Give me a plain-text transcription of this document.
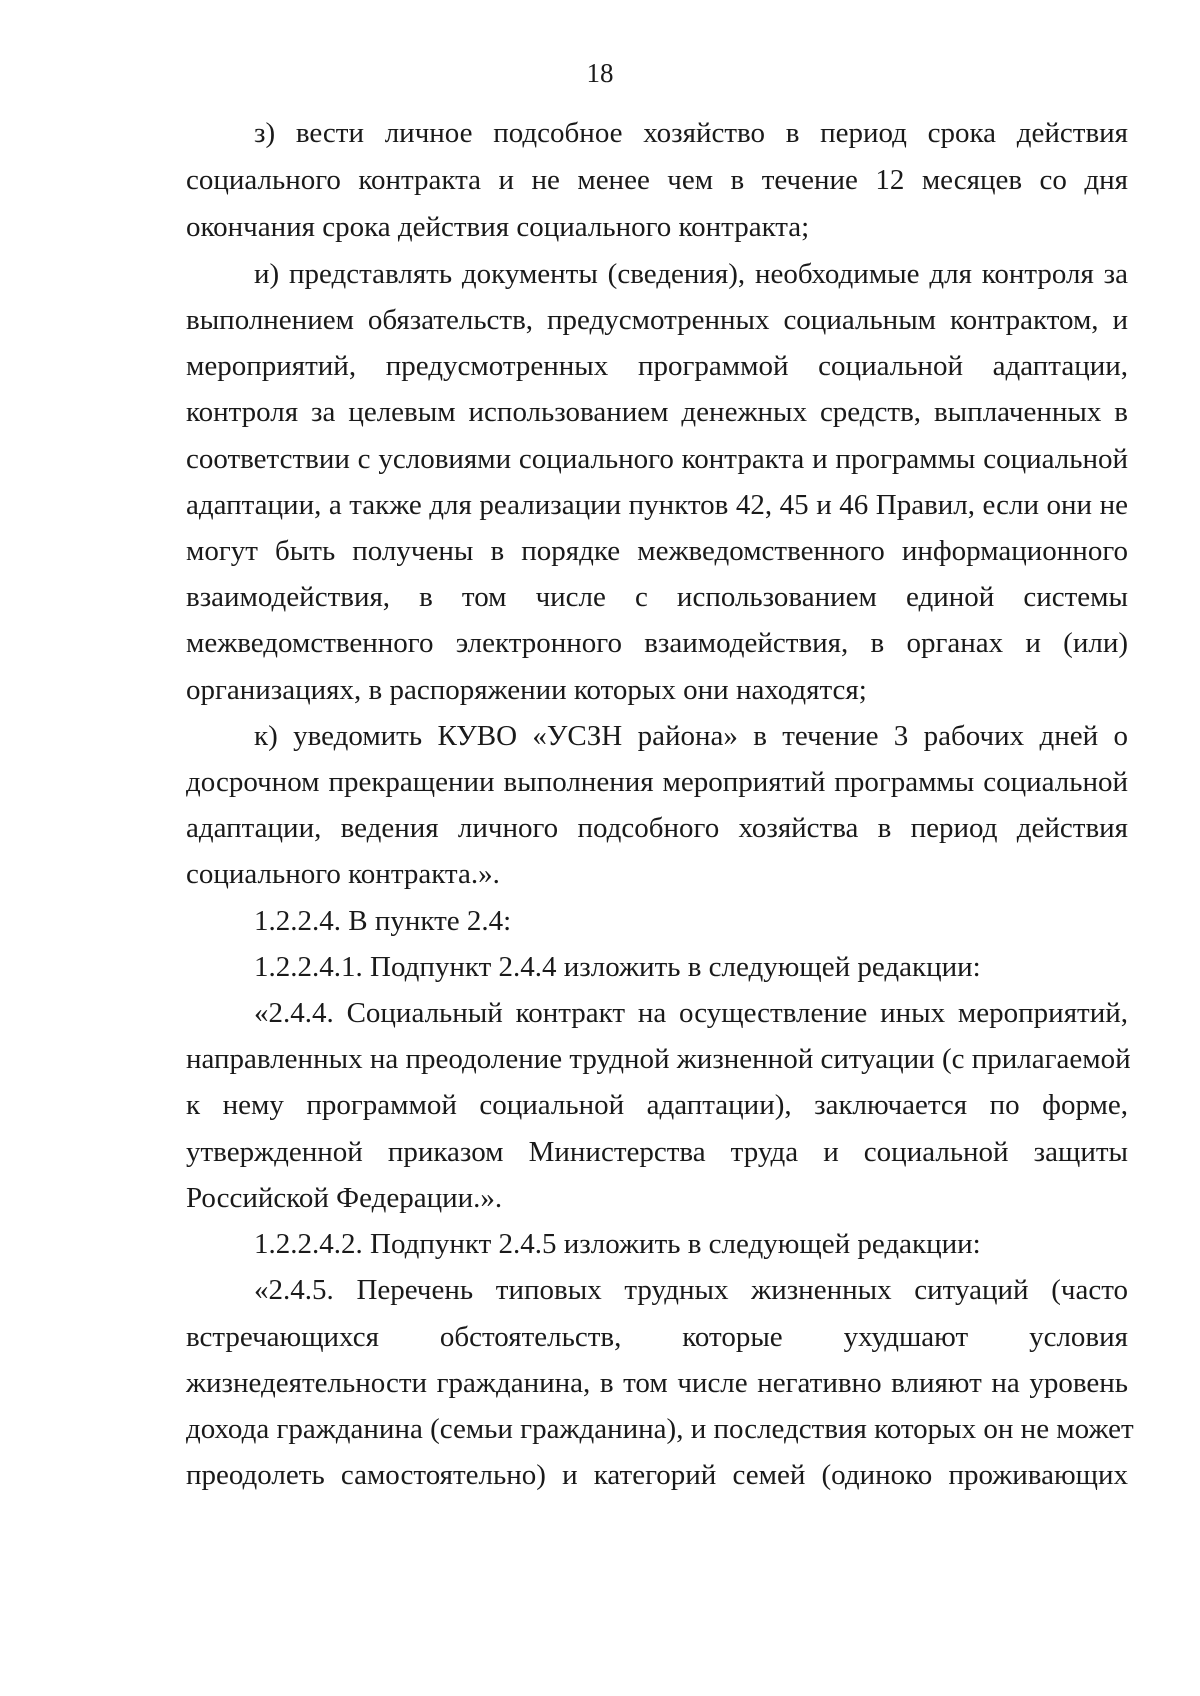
18
з) вести личное подсобное хозяйство в период срока действия
социального контракта и не менее чем в течение 12 месяцев со дня
окончания срока действия социального контракта;
и) представлять документы (сведения), необходимые для контроля за
выполнением обязательств, предусмотренных социальным контрактом, и
мероприятий, предусмотренных программой социальной адаптации,
контроля за целевым использованием денежных средств, выплаченных в
соответствии с условиями социального контракта и программы социальной
адаптации, а также для реализации пунктов 42, 45 и 46 Правил, если они не
могут быть получены в порядке межведомственного информационного
взаимодействия, в том числе с использованием единой системы
межведомственного электронного взаимодействия, в органах и (или)
организациях, в распоряжении которых они находятся;
к) уведомить КУВО «УСЗН района» в течение 3 рабочих дней о
досрочном прекращении выполнения мероприятий программы социальной
адаптации, ведения личного подсобного хозяйства в период действия
социального контракта.».
1.2.2.4. В пункте 2.4:
1.2.2.4.1. Подпункт 2.4.4 изложить в следующей редакции:
«2.4.4. Социальный контракт на осуществление иных мероприятий,
направленных на преодоление трудной жизненной ситуации (с прилагаемой
к нему программой социальной адаптации), заключается по форме,
утвержденной приказом Министерства труда и социальной защиты
Российской Федерации.».
1.2.2.4.2. Подпункт 2.4.5 изложить в следующей редакции:
«2.4.5. Перечень типовых трудных жизненных ситуаций (часто
встречающихся обстоятельств, которые ухудшают условия
жизнедеятельности гражданина, в том числе негативно влияют на уровень
дохода гражданина (семьи гражданина), и последствия которых он не может
преодолеть самостоятельно) и категорий семей (одиноко проживающих
